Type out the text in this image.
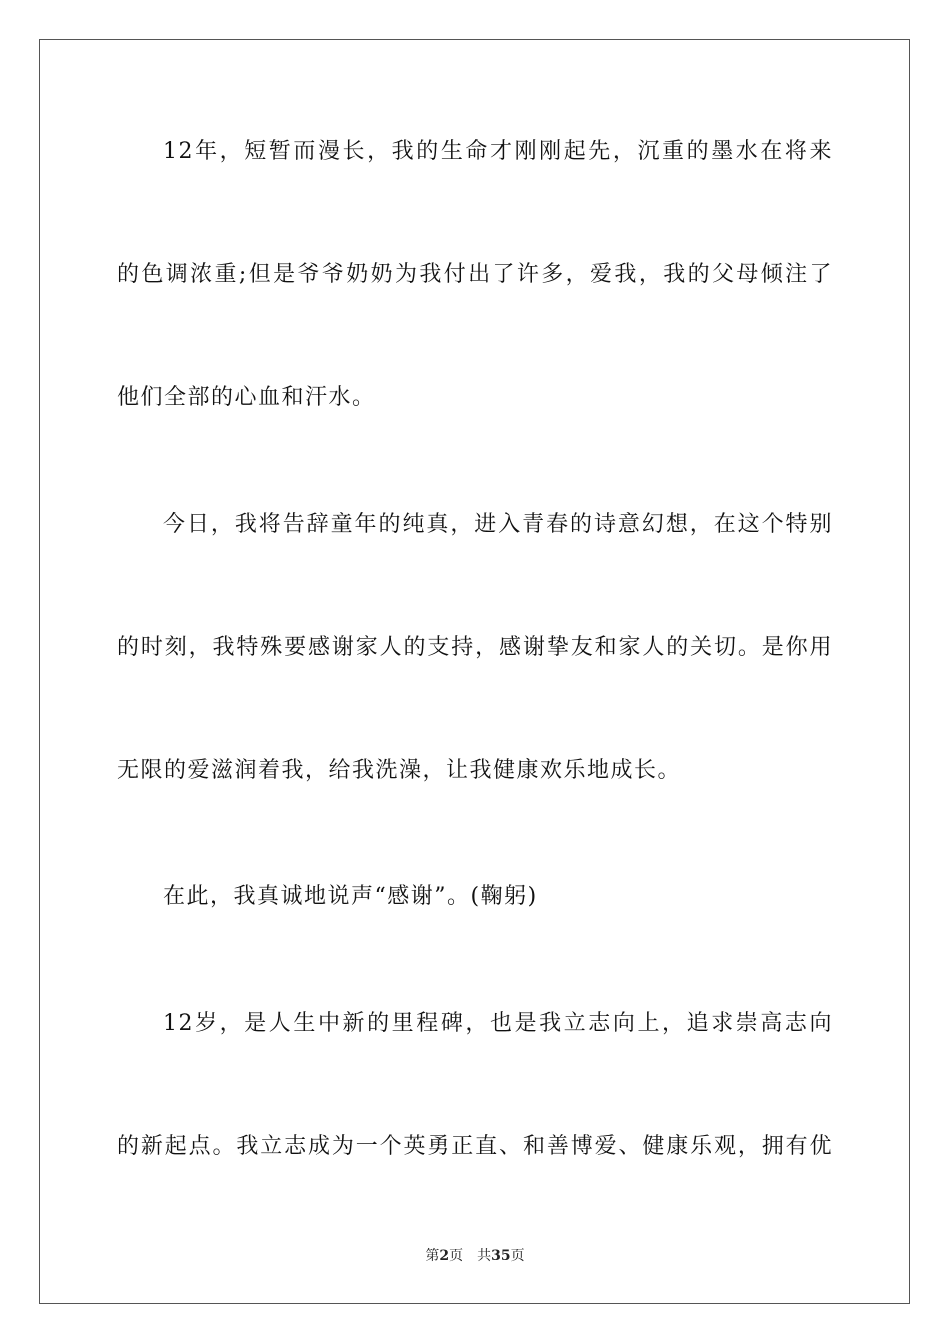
12年，短暂而漫长，我的生命才刚刚起先，沉重的墨水在将来
的色调浓重;但是爷爷奶奶为我付出了许多，爱我，我的父母倾注了
他们全部的心血和汗水。
今日，我将告辞童年的纯真，进入青春的诗意幻想，在这个特别
的时刻，我特殊要感谢家人的支持，感谢挚友和家人的关切。是你用
无限的爱滋润着我，给我洗澡，让我健康欢乐地成长。
在此，我真诚地说声“感谢”。(鞠躬)
12岁，是人生中新的里程碑，也是我立志向上，追求崇高志向
的新起点。我立志成为一个英勇正直、和善博爱、健康乐观，拥有优
第2页 共35页
